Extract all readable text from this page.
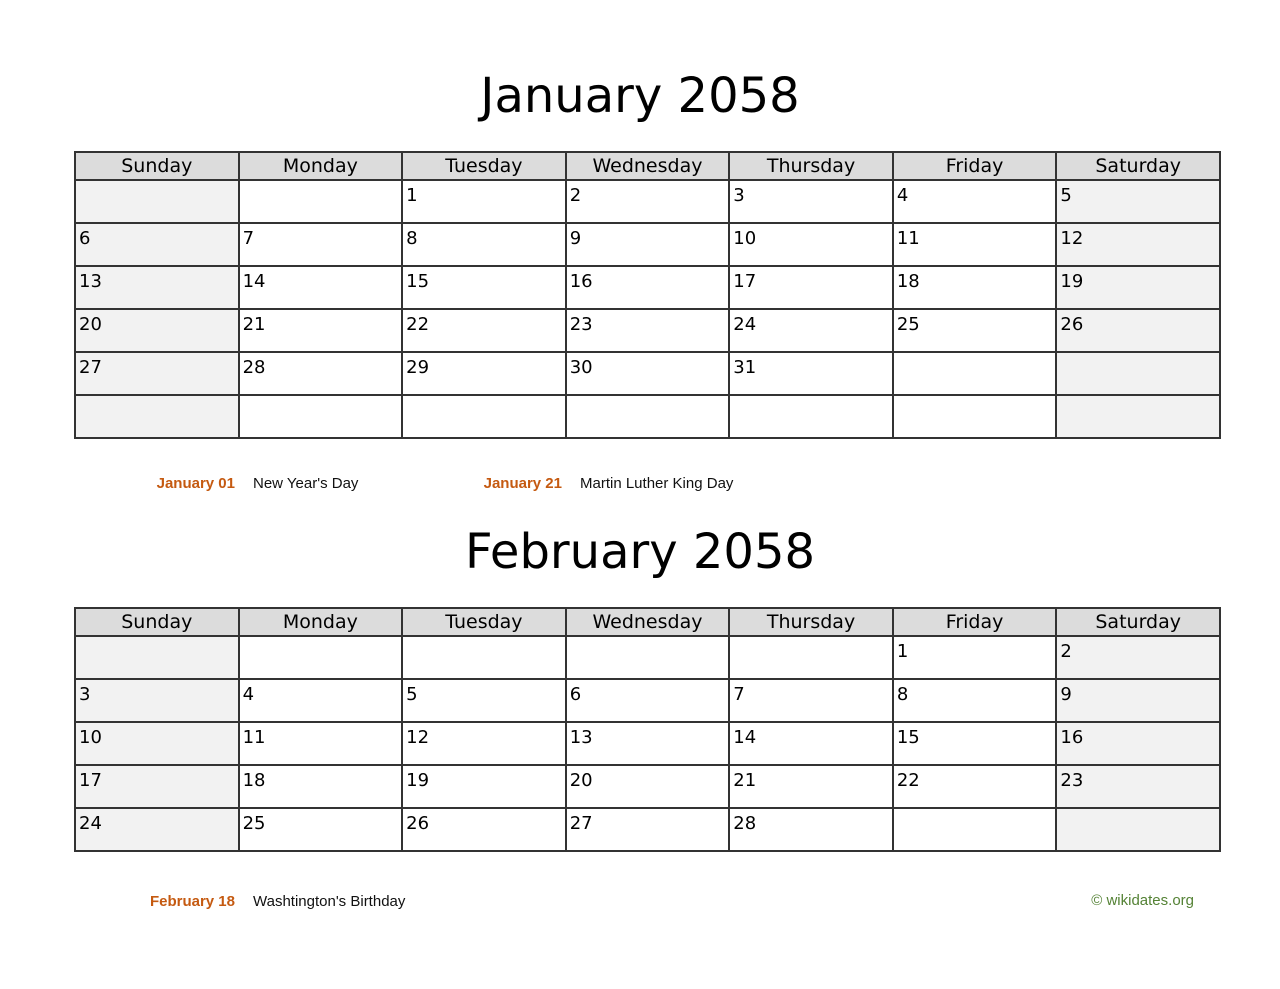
January 2058
Sunday	Monday	Tuesday	Wednesday	Thursday	Friday	Saturday
		1	2	3	4	5
6	7	8	9	10	11	12
13	14	15	16	17	18	19
20	21	22	23	24	25	26
27	28	29	30	31		

January 01 New Year's Day	January 21 Martin Luther King Day
February 2058
Sunday	Monday	Tuesday	Wednesday	Thursday	Friday	Saturday
					1	2
3	4	5	6	7	8	9
10	11	12	13	14	15	16
17	18	19	20	21	22	23
24	25	26	27	28		
February 18 Washtington's Birthday	© wikidates.org
